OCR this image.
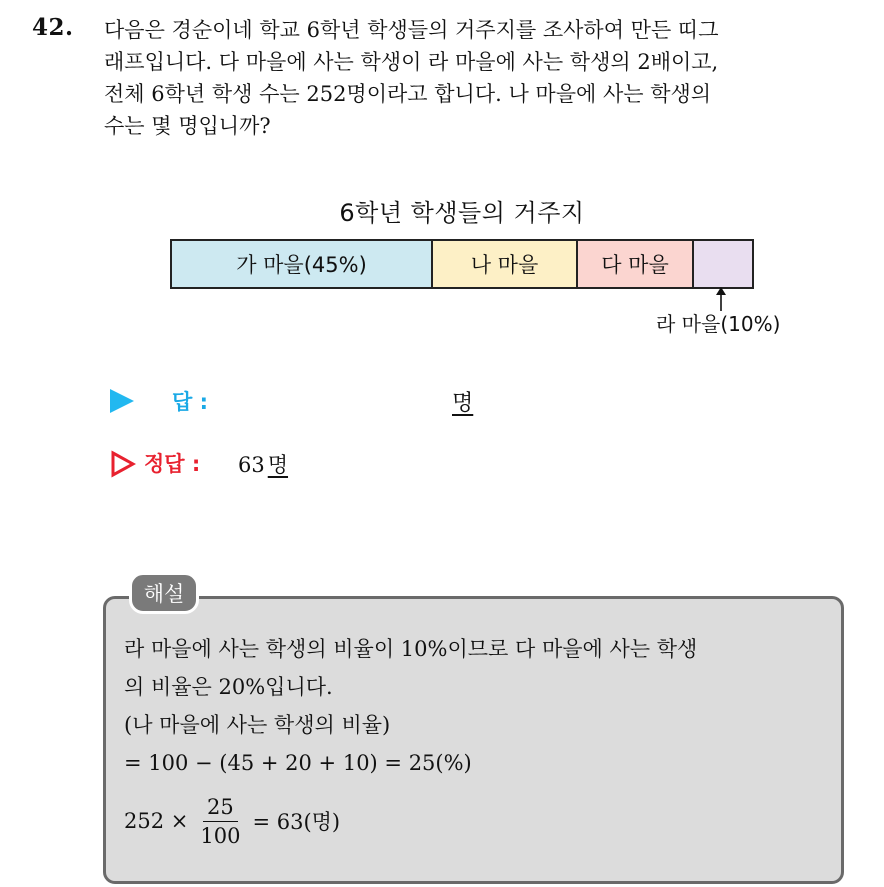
42. 다음은 경순이네 학교 6학년 학생들의 거주지를 조사하여 만든 띠그
래프입니다. 다 마을에 사는 학생이 라 마을에 사는 학생의 2배이고,
전체 6학년 학생 수는 252명이라고 합니다. 나 마을에 사는 학생의
수는 몇 명입니까?
6학년 학생들의 거주지
가 마을(45%)	나 마을	다 마을
라 마을(10%)
답 :	명
정답 : 63 명
해설
라 마을에 사는 학생의 비율이 10%이므로 다 마을에 사는 학생
의 비율은 20%입니다.
(나 마을에 사는 학생의 비율)
= 100 − (45 + 20 + 10) = 25(%)
$252 \times \frac{25}{100} = 63$(명)
